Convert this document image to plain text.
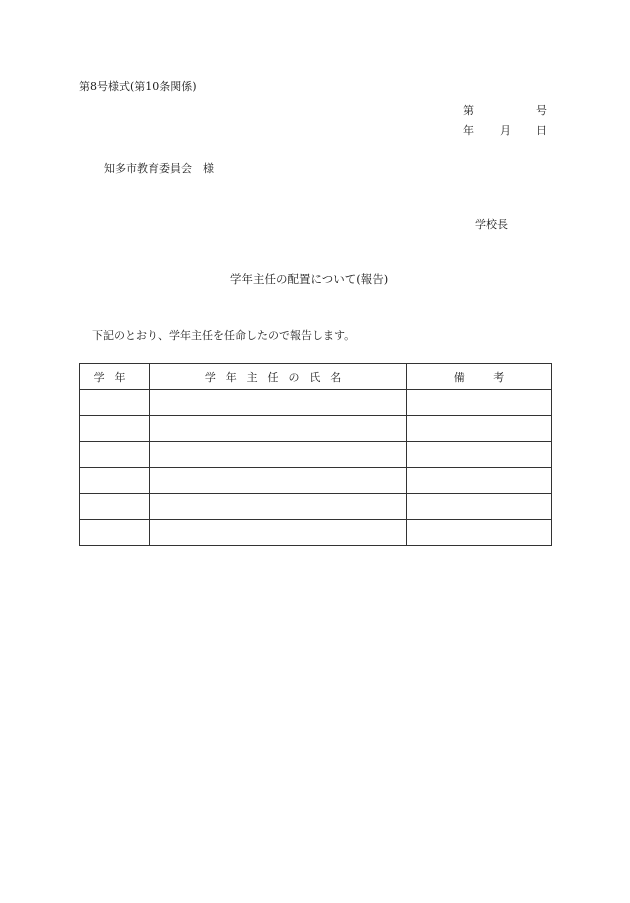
第8号様式(第10条関係)
第	号
年 月 日
知多市教育委員会　様
学校長
学年主任の配置について(報告)
下記のとおり、学年主任を任命したので報告します。
学年	学年主任の氏名	備考
